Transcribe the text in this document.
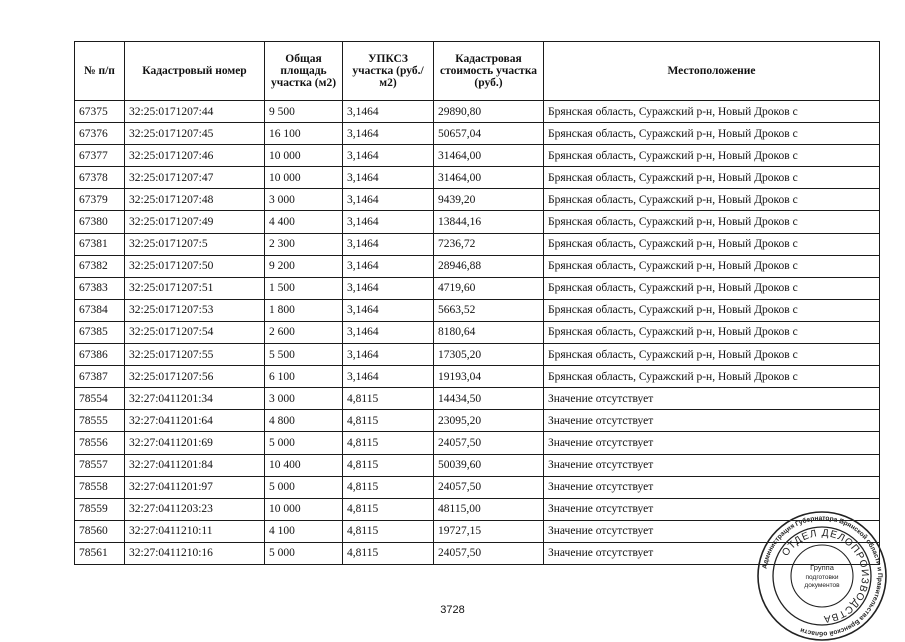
№ п/п	Кадастровый номер	Общая площадь участка (м2)	УПКСЗ участка (руб./м2)	Кадастровая стоимость участка (руб.)	Местоположение
67375	32:25:0171207:44	9 500	3,1464	29890,80	Брянская область, Суражский р-н, Новый Дроков с
67376	32:25:0171207:45	16 100	3,1464	50657,04	Брянская область, Суражский р-н, Новый Дроков с
67377	32:25:0171207:46	10 000	3,1464	31464,00	Брянская область, Суражский р-н, Новый Дроков с
67378	32:25:0171207:47	10 000	3,1464	31464,00	Брянская область, Суражский р-н, Новый Дроков с
67379	32:25:0171207:48	3 000	3,1464	9439,20	Брянская область, Суражский р-н, Новый Дроков с
67380	32:25:0171207:49	4 400	3,1464	13844,16	Брянская область, Суражский р-н, Новый Дроков с
67381	32:25:0171207:5	2 300	3,1464	7236,72	Брянская область, Суражский р-н, Новый Дроков с
67382	32:25:0171207:50	9 200	3,1464	28946,88	Брянская область, Суражский р-н, Новый Дроков с
67383	32:25:0171207:51	1 500	3,1464	4719,60	Брянская область, Суражский р-н, Новый Дроков с
67384	32:25:0171207:53	1 800	3,1464	5663,52	Брянская область, Суражский р-н, Новый Дроков с
67385	32:25:0171207:54	2 600	3,1464	8180,64	Брянская область, Суражский р-н, Новый Дроков с
67386	32:25:0171207:55	5 500	3,1464	17305,20	Брянская область, Суражский р-н, Новый Дроков с
67387	32:25:0171207:56	6 100	3,1464	19193,04	Брянская область, Суражский р-н, Новый Дроков с
78554	32:27:0411201:34	3 000	4,8115	14434,50	Значение отсутствует
78555	32:27:0411201:64	4 800	4,8115	23095,20	Значение отсутствует
78556	32:27:0411201:69	5 000	4,8115	24057,50	Значение отсутствует
78557	32:27:0411201:84	10 400	4,8115	50039,60	Значение отсутствует
78558	32:27:0411201:97	5 000	4,8115	24057,50	Значение отсутствует
78559	32:27:0411203:23	10 000	4,8115	48115,00	Значение отсутствует
78560	32:27:0411210:11	4 100	4,8115	19727,15	Значение отсутствует
78561	32:27:0411210:16	5 000	4,8115	24057,50	Значение отсутствует
3728
Администрация Губернатора Брянской области и Правительства Брянской области
ОТДЕЛ ДЕЛОПРОИЗВОДСТВА
Группа
подготовки
документов
